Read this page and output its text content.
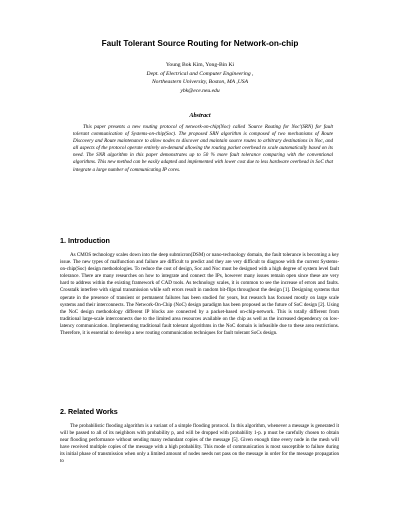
Fault Tolerant Source Routing for Network-on-chip
Young Bok Kim, Yong-Bin Ki
Dept. of Electrical and Computer Engineering ,
Northeastern University, Boston, MA ,USA
ybk@ece.neu.edu
Abstract

This paper presents a new routing protocol of network-on-chip(Noc) called 'Source Routing for Noc'(SRN) for fault tolerant communication of Systems-on-chip(Soc). The proposed SRN algorithm is composed of two mechanisms of Route Discovery and Route maintenance to allow nodes to discover and maintain source routes to arbitrary destinations in Noc, and all aspects of the protocol operate entirely on-demand allowing the routing packet overhead to scale automatically based on its need. The SNR algorithm in this paper demonstrates up to 50 % more fault tolerance comparing with the conventional algorithms. This new method can be easily adapted and implemented with lower cost due to less hardware overhead in SoC that integrate a large number of communicating IP cores.

1. Introduction

As CMOS technology scales down into the deep submicron(DSM) or nano-technology domain, the fault tolerance is becoming a key issue. The new types of malfunction and failure are difficult to predict and they are very difficult to diagnose with the current Systems-on-chip(Soc) design methodologies. To reduce the cost of design, Soc and Noc must be designed with a high degree of system level fault tolerance. There are many researches on how to integrate and connect the IPs, however many issues remain open since these are very hard to address within the existing framework of CAD tools. As technology scales, it is common to see the increase of errors and faults. Crosstalk interfere with signal transmission while soft errors result in random bit-flips throughout the design [1]. Designing systems that operate in the presence of transient or permanent failures has been studied for years, but research has focused mostly on large scale systems and their interconnects. The Network-On-Chip (NoC) design paradigm has been proposed as the future of SoC design [2]. Using the NoC design methodology different IP blocks are connected by a packet-based on-chip-network. This is totally different from traditional large-scale interconnects due to the limited area resources available on the chip as well as the increased dependency on low-latency communication. Implementing traditional fault tolerant algorithms in the NoC domain is infeasible due to these area restrictions. Therefore, it is essential to develop a new routing communication techniques for fault tolerant SoCs design.

2. Related Works

The probabilistic flooding algorithm is a variant of a simple flooding protocol. In this algorithm, whenever a message is generated it will be passed to all of its neighbors with probability p, and will be dropped with probability 1-p. p must be carefully chosen to obtain near flooding performance without sending many redundant copies of the message [5]. Given enough time every node in the mesh will have received multiple copies of the message with a high probability. This mode of communication is most susceptible to failure during its initial phase of transmission when only a limited amount of nodes needs not pass on the message in order for the message propagation to
